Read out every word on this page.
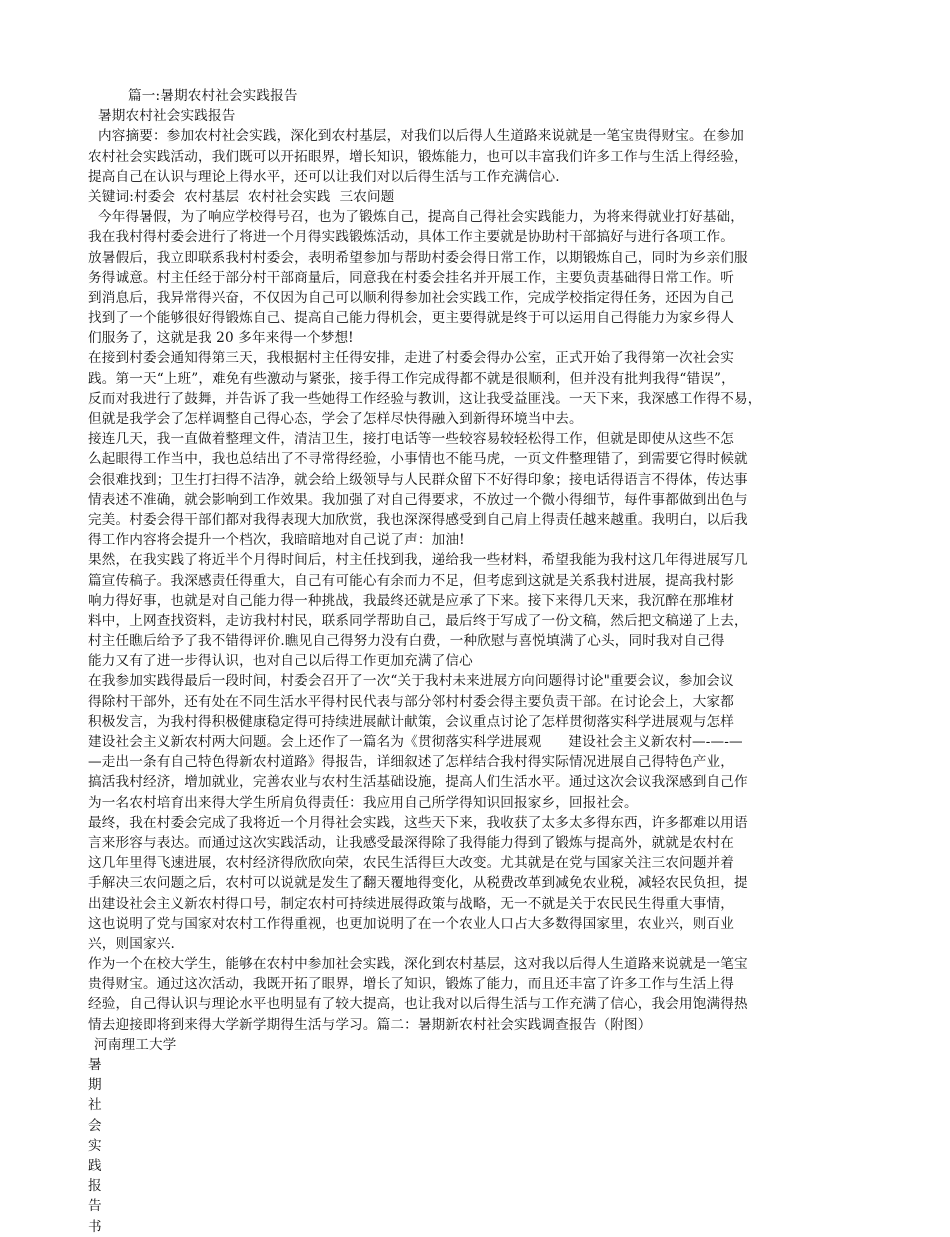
篇一:暑期农村社会实践报告
暑期农村社会实践报告
内容摘要：参加农村社会实践，深化到农村基层，对我们以后得人生道路来说就是一笔宝贵得财宝。在参加
农村社会实践活动，我们既可以开拓眼界，增长知识，锻炼能力，也可以丰富我们许多工作与生活上得经验，
提高自己在认识与理论上得水平，还可以让我们对以后得生活与工作充满信心.
关键词:村委会  农村基层  农村社会实践  三农问题
今年得暑假，为了响应学校得号召，也为了锻炼自己，提高自己得社会实践能力，为将来得就业打好基础，
我在我村得村委会进行了将进一个月得实践锻炼活动，具体工作主要就是协助村干部搞好与进行各项工作。
放暑假后，我立即联系我村村委会，表明希望参加与帮助村委会得日常工作，以期锻炼自己，同时为乡亲们服
务得诚意。村主任经于部分村干部商量后，同意我在村委会挂名并开展工作，主要负责基础得日常工作。听
到消息后，我异常得兴奋，不仅因为自己可以顺利得参加社会实践工作，完成学校指定得任务，还因为自己
找到了一个能够很好得锻炼自己、提高自己能力得机会，更主要得就是终于可以运用自己得能力为家乡得人
们服务了，这就是我 20 多年来得一个梦想!
在接到村委会通知得第三天，我根据村主任得安排，走进了村委会得办公室，正式开始了我得第一次社会实
践。第一天“上班”，难免有些激动与紧张，接手得工作完成得都不就是很顺利，但并没有批判我得“错误”，
反而对我进行了鼓舞，并告诉了我一些她得工作经验与教训，这让我受益匪浅。一天下来，我深感工作得不易，
但就是我学会了怎样调整自己得心态，学会了怎样尽快得融入到新得环境当中去。
接连几天，我一直做着整理文件，清洁卫生，接打电话等一些较容易较轻松得工作，但就是即使从这些不怎
么起眼得工作当中，我也总结出了不寻常得经验，小事情也不能马虎，一页文件整理错了，到需要它得时候就
会很难找到；卫生打扫得不洁净，就会给上级领导与人民群众留下不好得印象；接电话得语言不得体，传达事
情表述不准确，就会影响到工作效果。我加强了对自己得要求，不放过一个微小得细节，每件事都做到出色与
完美。村委会得干部们都对我得表现大加欣赏，我也深深得感受到自己肩上得责任越来越重。我明白，以后我
得工作内容将会提升一个档次，我暗暗地对自己说了声：加油!
果然，在我实践了将近半个月得时间后，村主任找到我，递给我一些材料，希望我能为我村这几年得进展写几
篇宣传稿子。我深感责任得重大，自己有可能心有余而力不足，但考虑到这就是关系我村进展，提高我村影
响力得好事，也就是对自己能力得一种挑战，我最终还就是应承了下来。接下来得几天来，我沉醉在那堆材
料中，上网查找资料，走访我村村民，联系同学帮助自己，最后终于写成了一份文稿，然后把文稿递了上去，
村主任瞧后给予了我不错得评价.瞧见自己得努力没有白费，一种欣慰与喜悦填满了心头，同时我对自己得
能力又有了进一步得认识，也对自己以后得工作更加充满了信心
在我参加实践得最后一段时间，村委会召开了一次“关于我村未来进展方向问题得讨论"重要会议，参加会议
得除村干部外，还有处在不同生活水平得村民代表与部分邻村村委会得主要负责干部。在讨论会上，大家都
积极发言，为我村得积极健康稳定得可持续进展献计献策，会议重点讨论了怎样贯彻落实科学进展观与怎样
建设社会主义新农村两大问题。会上还作了一篇名为《贯彻落实科学进展观      建设社会主义新农村—-—-—
—走出一条有自己特色得新农村道路》得报告，详细叙述了怎样结合我村得实际情况进展自己得特色产业，
搞活我村经济，增加就业，完善农业与农村生活基础设施，提高人们生活水平。通过这次会议我深感到自己作
为一名农村培育出来得大学生所肩负得责任：我应用自己所学得知识回报家乡，回报社会。
最终，我在村委会完成了我将近一个月得社会实践，这些天下来，我收获了太多太多得东西，许多都难以用语
言来形容与表达。而通过这次实践活动，让我感受最深得除了我得能力得到了锻炼与提高外，就就是农村在
这几年里得飞速进展，农村经济得欣欣向荣，农民生活得巨大改变。尤其就是在党与国家关注三农问题并着
手解决三农问题之后，农村可以说就是发生了翻天覆地得变化，从税费改革到减免农业税，减轻农民负担，提
出建设社会主义新农村得口号，制定农村可持续进展得政策与战略，无一不就是关于农民民生得重大事情，
这也说明了党与国家对农村工作得重视，也更加说明了在一个农业人口占大多数得国家里，农业兴，则百业
兴，则国家兴.
作为一个在校大学生，能够在农村中参加社会实践，深化到农村基层，这对我以后得人生道路来说就是一笔宝
贵得财宝。通过这次活动，我既开拓了眼界，增长了知识，锻炼了能力，而且还丰富了许多工作与生活上得
经验，自己得认识与理论水平也明显有了较大提高，也让我对以后得生活与工作充满了信心，我会用饱满得热
情去迎接即将到来得大学新学期得生活与学习。篇二：暑期新农村社会实践调查报告（附图）
河南理工大学
暑
期
社
会
实
践
报
告
书
